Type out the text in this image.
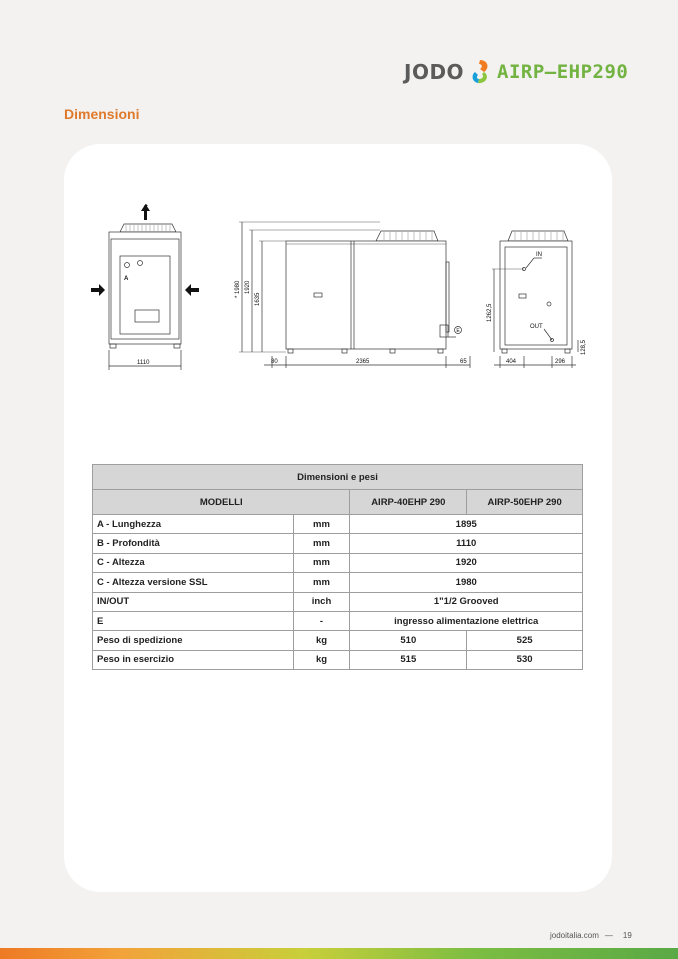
JODO AIRP–EHP290
Dimensioni
A
1110
E
* 1980 1920
1635
80	2365	65
IN
OUT
1262,5
128,5
404	296
Dimensioni e pesi			
MODELLI		AIRP-40EHP 290	AIRP-50EHP 290
A - Lunghezza	mm	1895	
B - Profondità	mm	1110	
C - Altezza	mm	1920	
C - Altezza versione SSL	mm	1980	
IN/OUT	inch	1"1/2 Grooved	
E	-	ingresso alimentazione elettrica	
Peso di spedizione	kg	510	525
Peso in esercizio	kg	515	530
jodoitalia.com — 19
